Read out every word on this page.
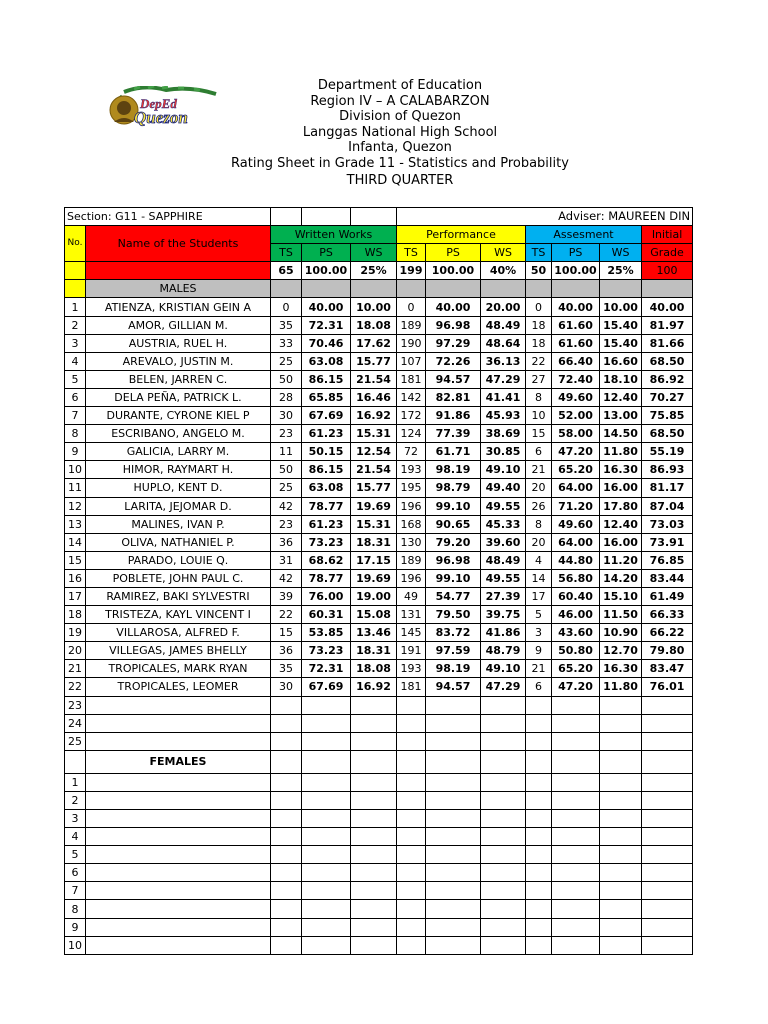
Department of Education
Region IV – A CALABARZON
Division of Quezon
Langgas National High School
Infanta, Quezon
Rating Sheet in Grade 11 - Statistics and Probability
THIRD QUARTER
DepEd
Quezon
Section: G11 - SAPPHIRE					Adviser: MAUREEN DIN						
No.	Name of the Students	Written Works			Performance			Assesment			Initial
		TS	PS	WS	TS	PS	WS	TS	PS	WS	Grade
		65	100.00	25%	199	100.00	40%	50	100.00	25%	100
	MALES										
1	ATIENZA, KRISTIAN GEIN A	0	40.00	10.00	0	40.00	20.00	0	40.00	10.00	40.00
2	AMOR, GILLIAN M.	35	72.31	18.08	189	96.98	48.49	18	61.60	15.40	81.97
3	AUSTRIA, RUEL H.	33	70.46	17.62	190	97.29	48.64	18	61.60	15.40	81.66
4	AREVALO, JUSTIN M.	25	63.08	15.77	107	72.26	36.13	22	66.40	16.60	68.50
5	BELEN, JARREN C.	50	86.15	21.54	181	94.57	47.29	27	72.40	18.10	86.92
6	DELA PEÑA, PATRICK L.	28	65.85	16.46	142	82.81	41.41	8	49.60	12.40	70.27
7	DURANTE, CYRONE KIEL P	30	67.69	16.92	172	91.86	45.93	10	52.00	13.00	75.85
8	ESCRIBANO, ANGELO M.	23	61.23	15.31	124	77.39	38.69	15	58.00	14.50	68.50
9	GALICIA, LARRY M.	11	50.15	12.54	72	61.71	30.85	6	47.20	11.80	55.19
10	HIMOR, RAYMART H.	50	86.15	21.54	193	98.19	49.10	21	65.20	16.30	86.93
11	HUPLO, KENT D.	25	63.08	15.77	195	98.79	49.40	20	64.00	16.00	81.17
12	LARITA, JEJOMAR D.	42	78.77	19.69	196	99.10	49.55	26	71.20	17.80	87.04
13	MALINES, IVAN P.	23	61.23	15.31	168	90.65	45.33	8	49.60	12.40	73.03
14	OLIVA, NATHANIEL P.	36	73.23	18.31	130	79.20	39.60	20	64.00	16.00	73.91
15	PARADO, LOUIE Q.	31	68.62	17.15	189	96.98	48.49	4	44.80	11.20	76.85
16	POBLETE, JOHN PAUL C.	42	78.77	19.69	196	99.10	49.55	14	56.80	14.20	83.44
17	RAMIREZ, BAKI SYLVESTRI	39	76.00	19.00	49	54.77	27.39	17	60.40	15.10	61.49
18	TRISTEZA, KAYL VINCENT I	22	60.31	15.08	131	79.50	39.75	5	46.00	11.50	66.33
19	VILLAROSA, ALFRED F.	15	53.85	13.46	145	83.72	41.86	3	43.60	10.90	66.22
20	VILLEGAS, JAMES BHELLY	36	73.23	18.31	191	97.59	48.79	9	50.80	12.70	79.80
21	TROPICALES, MARK RYAN	35	72.31	18.08	193	98.19	49.10	21	65.20	16.30	83.47
22	TROPICALES, LEOMER	30	67.69	16.92	181	94.57	47.29	6	47.20	11.80	76.01
23											
24											
25											
	FEMALES										
1											
2											
3											
4											
5											
6											
7											
8											
9											
10											
